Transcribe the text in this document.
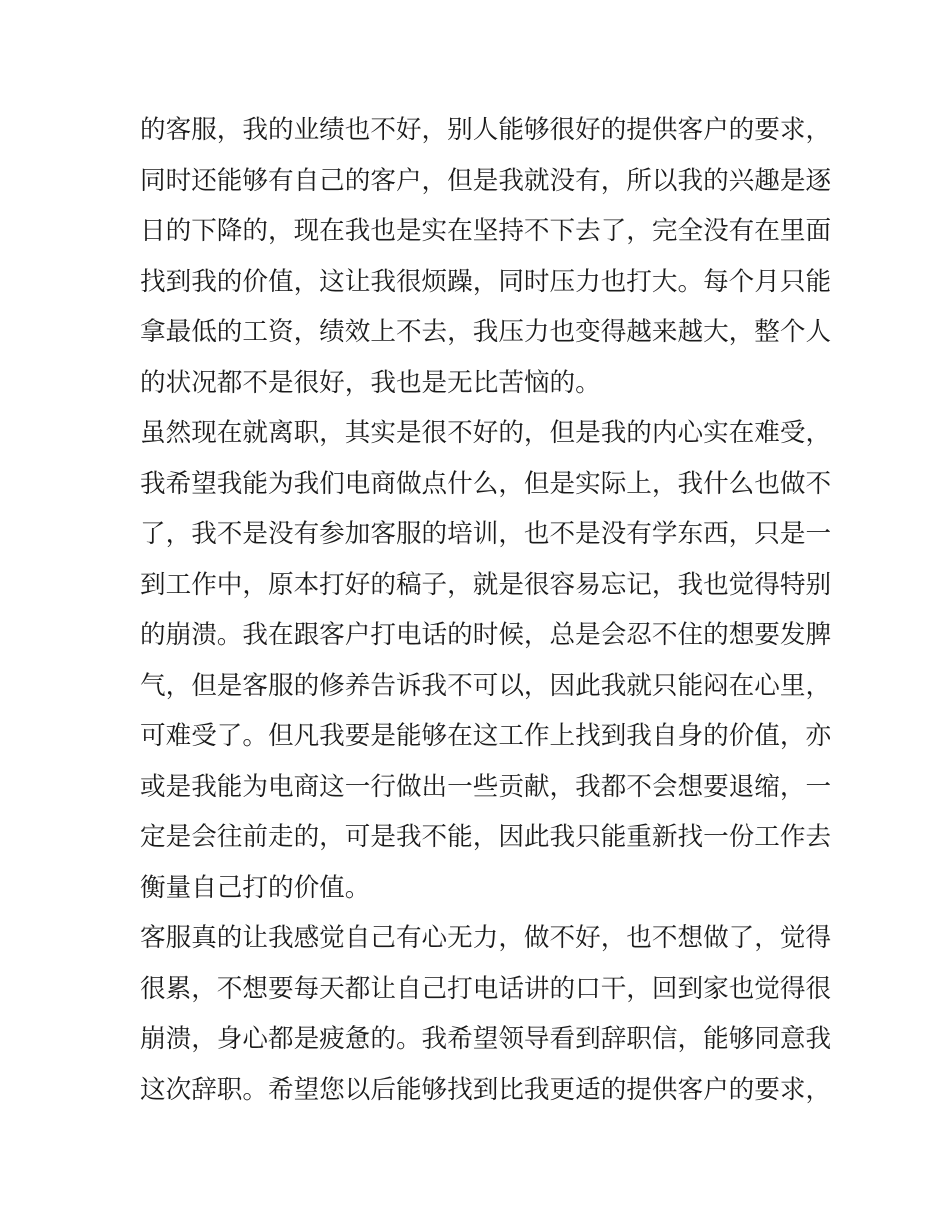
的客服，我的业绩也不好，别人能够很好的提供客户的要求，
同时还能够有自己的客户，但是我就没有，所以我的兴趣是逐
日的下降的，现在我也是实在坚持不下去了，完全没有在里面
找到我的价值，这让我很烦躁，同时压力也打大。每个月只能
拿最低的工资，绩效上不去，我压力也变得越来越大，整个人
的状况都不是很好，我也是无比苦恼的。
虽然现在就离职，其实是很不好的，但是我的内心实在难受，
我希望我能为我们电商做点什么，但是实际上，我什么也做不
了，我不是没有参加客服的培训，也不是没有学东西，只是一
到工作中，原本打好的稿子，就是很容易忘记，我也觉得特别
的崩溃。我在跟客户打电话的时候，总是会忍不住的想要发脾
气，但是客服的修养告诉我不可以，因此我就只能闷在心里，
可难受了。但凡我要是能够在这工作上找到我自身的价值，亦
或是我能为电商这一行做出一些贡献，我都不会想要退缩，一
定是会往前走的，可是我不能，因此我只能重新找一份工作去
衡量自己打的价值。
客服真的让我感觉自己有心无力，做不好，也不想做了，觉得
很累，不想要每天都让自己打电话讲的口干，回到家也觉得很
崩溃，身心都是疲惫的。我希望领导看到辞职信，能够同意我
这次辞职。希望您以后能够找到比我更适的提供客户的要求，
